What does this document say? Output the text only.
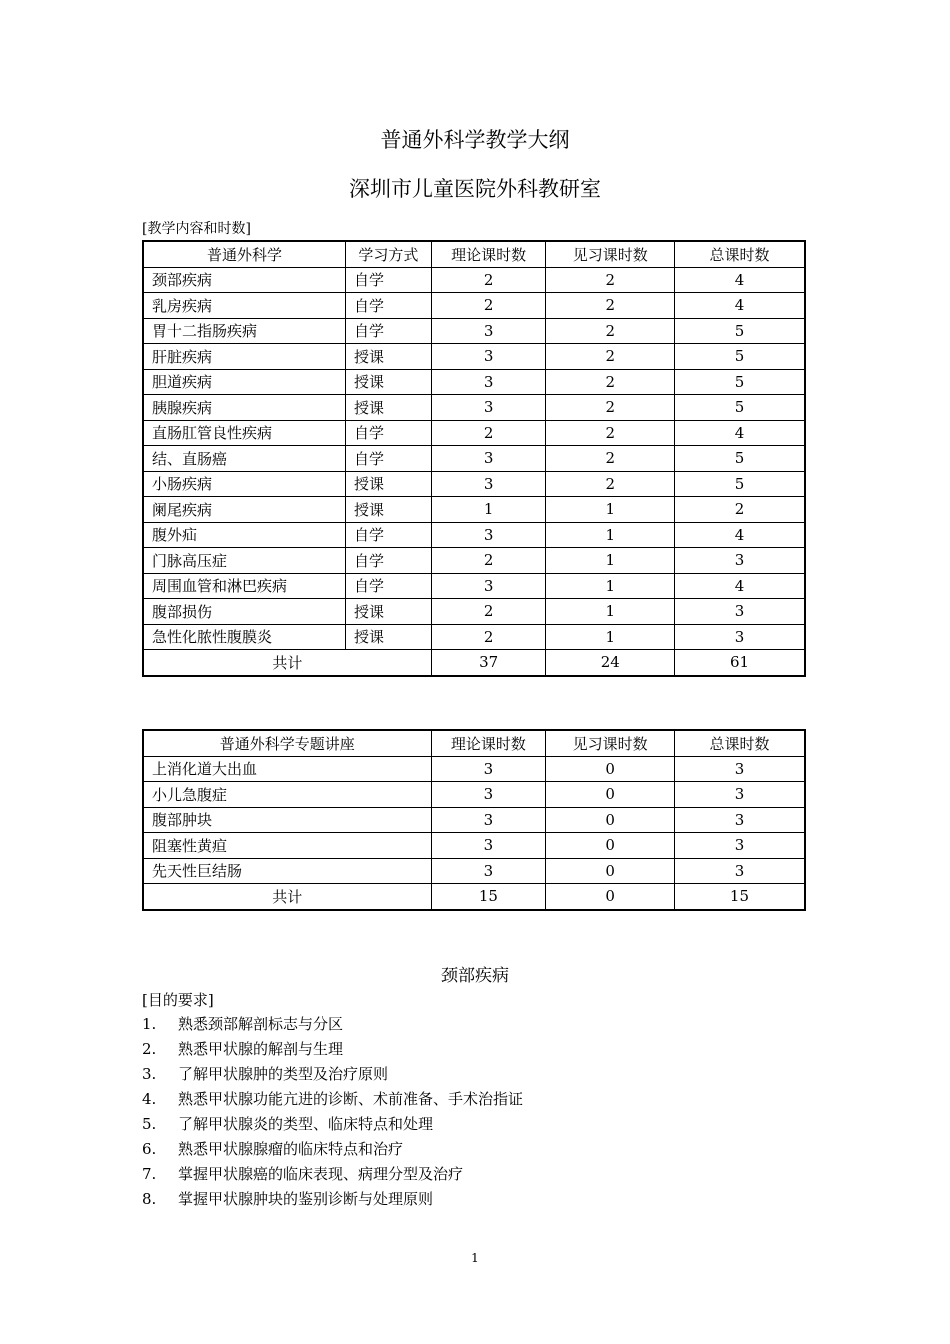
普通外科学教学大纲
深圳市儿童医院外科教研室
[教学内容和时数]
普通外科学	学习方式	理论课时数	见习课时数	总课时数
颈部疾病	自学	2	2	4
乳房疾病	自学	2	2	4
胃十二指肠疾病	自学	3	2	5
肝脏疾病	授课	3	2	5
胆道疾病	授课	3	2	5
胰腺疾病	授课	3	2	5
直肠肛管良性疾病	自学	2	2	4
结、直肠癌	自学	3	2	5
小肠疾病	授课	3	2	5
阑尾疾病	授课	1	1	2
腹外疝	自学	3	1	4
门脉高压症	自学	2	1	3
周围血管和淋巴疾病	自学	3	1	4
腹部损伤	授课	2	1	3
急性化脓性腹膜炎	授课	2	1	3
共计		37	24	61
普通外科学专题讲座	理论课时数	见习课时数	总课时数
上消化道大出血	3	0	3
小儿急腹症	3	0	3
腹部肿块	3	0	3
阻塞性黄疸	3	0	3
先天性巨结肠	3	0	3
共计	15	0	15
颈部疾病
[目的要求]
1. 熟悉颈部解剖标志与分区
2. 熟悉甲状腺的解剖与生理
3. 了解甲状腺肿的类型及治疗原则
4. 熟悉甲状腺功能亢进的诊断、术前准备、手术治指证
5. 了解甲状腺炎的类型、临床特点和处理
6. 熟悉甲状腺腺瘤的临床特点和治疗
7. 掌握甲状腺癌的临床表现、病理分型及治疗
8. 掌握甲状腺肿块的鉴别诊断与处理原则
1
